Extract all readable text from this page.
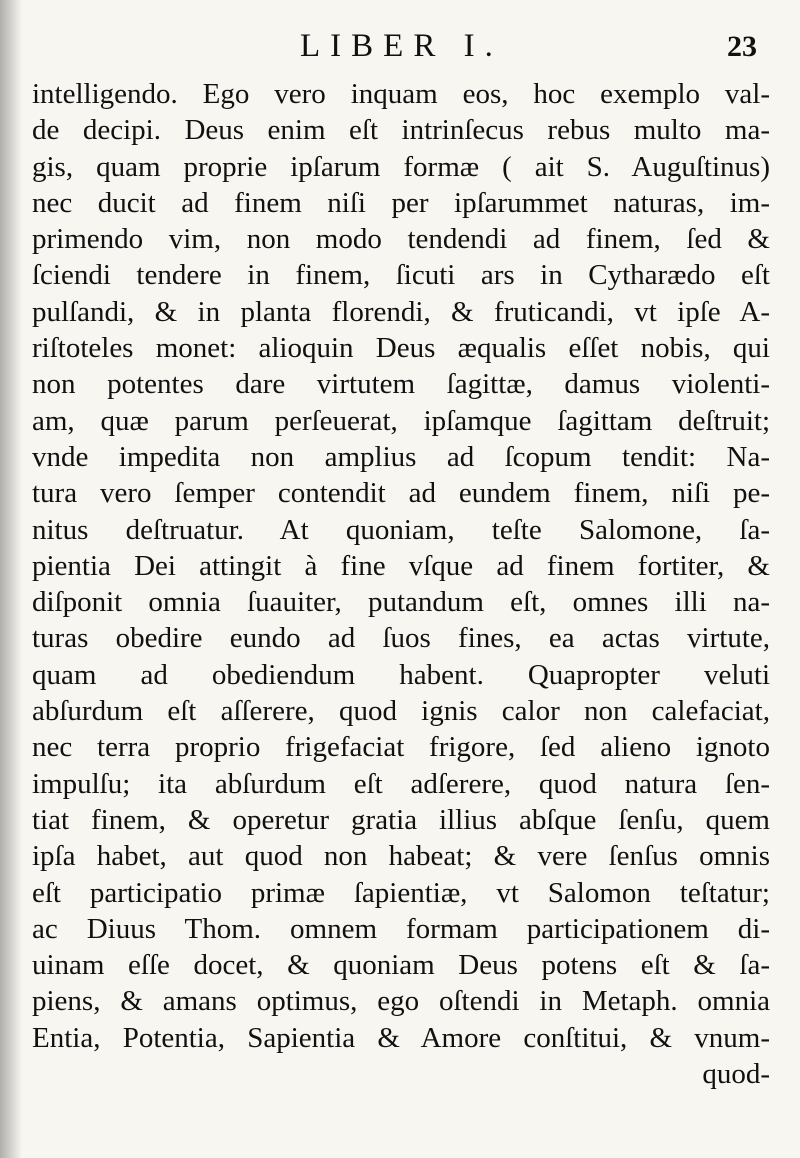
LIBER I.	23
intelligendo. Ego vero inquam eos, hoc exemplo val-
de decipi. Deus enim eſt intrinſecus rebus multo ma-
gis, quam proprie ipſarum formæ ( ait S. Auguſtinus)
nec ducit ad finem niſi per ipſarummet naturas, im-
primendo vim, non modo tendendi ad finem, ſed &
ſciendi tendere in finem, ſicuti ars in Cytharædo eſt
pulſandi, & in planta florendi, & fruticandi, vt ipſe A-
riſtoteles monet: alioquin Deus æqualis eſſet nobis, qui
non potentes dare virtutem ſagittæ, damus violenti-
am, quæ parum perſeuerat, ipſamque ſagittam deſtruit;
vnde impedita non amplius ad ſcopum tendit: Na-
tura vero ſemper contendit ad eundem finem, niſi pe-
nitus deſtruatur. At quoniam, teſte Salomone, ſa-
pientia Dei attingit à fine vſque ad finem fortiter, &
diſponit omnia ſuauiter, putandum eſt, omnes illi na-
turas obedire eundo ad ſuos fines, ea actas virtute,
quam ad obediendum habent. Quapropter veluti
abſurdum eſt aſſerere, quod ignis calor non calefaciat,
nec terra proprio frigefaciat frigore, ſed alieno ignoto
impulſu; ita abſurdum eſt adſerere, quod natura ſen-
tiat finem, & operetur gratia illius abſque ſenſu, quem
ipſa habet, aut quod non habeat; & vere ſenſus omnis
eſt participatio primæ ſapientiæ, vt Salomon teſtatur;
ac Diuus Thom. omnem formam participationem di-
uinam eſſe docet, & quoniam Deus potens eſt & ſa-
piens, & amans optimus, ego oſtendi in Metaph. omnia
Entia, Potentia, Sapientia & Amore conſtitui, & vnum-
quod-
